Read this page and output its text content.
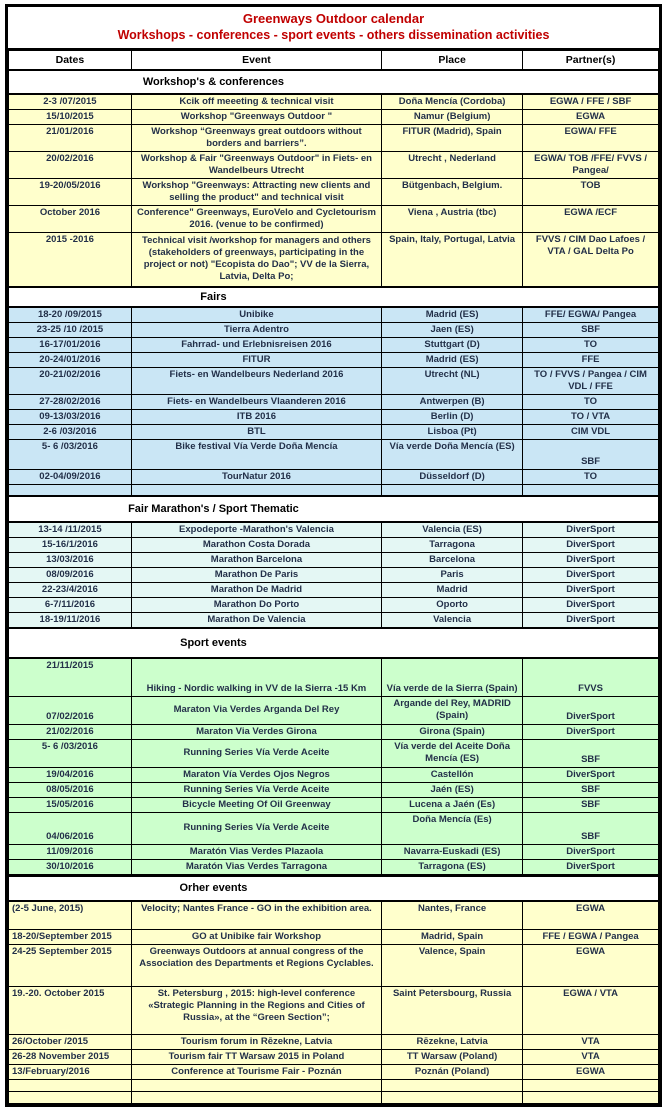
Greenways Outdoor calendar
Workshops - conferences - sport events - others dissemination activities
Dates	Event	Place	Partner(s)

Workshop's & conferences			

2-3 /07/2015	Kcik off meeeting & technical visit	Doña Mencía (Cordoba)	EGWA / FFE / SBF
15/10/2015	Workshop "Greenways Outdoor "	Namur (Belgium)	EGWA
21/01/2016	Workshop “Greenways great outdoors without borders and barriers”.	FITUR (Madrid), Spain	EGWA/ FFE
20/02/2016	Workshop & Fair "Greenways Outdoor" in Fiets- en Wandelbeurs Utrecht	Utrecht , Nederland	EGWA/ TOB /FFE/ FVVS / Pangea/
19-20/05/2016	Workshop "Greenways: Attracting new clients and selling the product" and technical visit	Bütgenbach, Belgium.	TOB
October 2016	Conference" Greenways, EuroVelo and Cycletourism 2016. (venue to be confirmed)	Viena , Austria (tbc)	EGWA /ECF
2015 -2016	Technical visit /workshop for managers and others (stakeholders of greenways, participating in the project or not) "Ecopista do Dao"; VV de la Sierra, Latvia, Delta Po;	Spain, Italy, Portugal, Latvia	FVVS / CIM Dao Lafoes / VTA / GAL Delta Po

Fairs			

18-20 /09/2015	Unibike	Madrid (ES)	FFE/ EGWA/ Pangea
23-25 /10 /2015	Tierra Adentro	Jaen (ES)	SBF
16-17/01/2016	Fahrrad- und Erlebnisreisen 2016	Stuttgart (D)	TO
20-24/01/2016	FITUR	Madrid (ES)	FFE
20-21/02/2016	Fiets- en Wandelbeurs Nederland 2016	Utrecht (NL)	TO / FVVS / Pangea / CIM VDL / FFE
27-28/02/2016	Fiets- en Wandelbeurs Vlaanderen 2016	Antwerpen (B)	TO
09-13/03/2016	ITB 2016	Berlin (D)	TO / VTA
2-6 /03/2016	BTL	Lisboa (Pt)	CIM VDL
5- 6 /03/2016	Bike festival Vía Verde Doña Mencía	Vía verde Doña Mencía (ES)	SBF
02-04/09/2016	TourNatur 2016	Düsseldorf (D)	TO

Fair Marathon's / Sport Thematic			

13-14 /11/2015	Expodeporte -Marathon's Valencia	Valencia (ES)	DiverSport
15-16/1/2016	Marathon Costa Dorada	Tarragona	DiverSport
13/03/2016	Marathon Barcelona	Barcelona	DiverSport
08/09/2016	Marathon De Paris	Paris	DiverSport
22-23/4/2016	Marathon De Madrid	Madrid	DiverSport
6-7/11/2016	Marathon Do Porto	Oporto	DiverSport
18-19/11/2016	Marathon De Valencia	Valencia	DiverSport

Sport events			

21/11/2015	Hiking - Nordic walking in VV de la Sierra -15 Km	Vía verde de la Sierra (Spain)	FVVS
07/02/2016	Maraton Via Verdes Arganda Del Rey	Argande del Rey, MADRID (Spain)	DiverSport
21/02/2016	Maraton Via Verdes Girona	Girona (Spain)	DiverSport
5- 6 /03/2016	Running Series Vía Verde Aceite	Vía verde del Aceite Doña Mencía (ES)	SBF
19/04/2016	Maraton Vía Verdes Ojos Negros	Castellón	DiverSport
08/05/2016	Running Series Vía Verde Aceite	Jaén (ES)	SBF
15/05/2016	Bicycle Meeting Of Oil Greenway	Lucena a Jaén (Es)	SBF
04/06/2016	Running Series Vía Verde Aceite	Doña Mencía (Es)	SBF
11/09/2016	Maratón Vias Verdes Plazaola	Navarra-Euskadi (ES)	DiverSport
30/10/2016	Maratón Vias Verdes Tarragona	Tarragona (ES)	DiverSport

Orher events			

(2-5 June, 2015)	Velocity; Nantes France - GO in the exhibition area.	Nantes, France	EGWA
18-20/September 2015	GO at Unibike fair Workshop	Madrid, Spain	FFE / EGWA / Pangea
24-25 September 2015	Greenways Outdoors at annual congress of the Association des Departments et Regions Cyclables.	Valence, Spain	EGWA
19.-20. October 2015	St. Petersburg , 2015: high-level conference «Strategic Planning in the Regions and Cities of Russia», at the “Green Section”;	Saint Petersbourg, Russia	EGWA / VTA
26/October /2015	Tourism forum in Rēzekne, Latvia	Rēzekne, Latvia	VTA
26-28 November 2015	Tourism fair TT Warsaw 2015 in Poland	TT Warsaw (Poland)	VTA
13/February/2016	Conference at Tourisme Fair - Poznán	Poznán (Poland)	EGWA
